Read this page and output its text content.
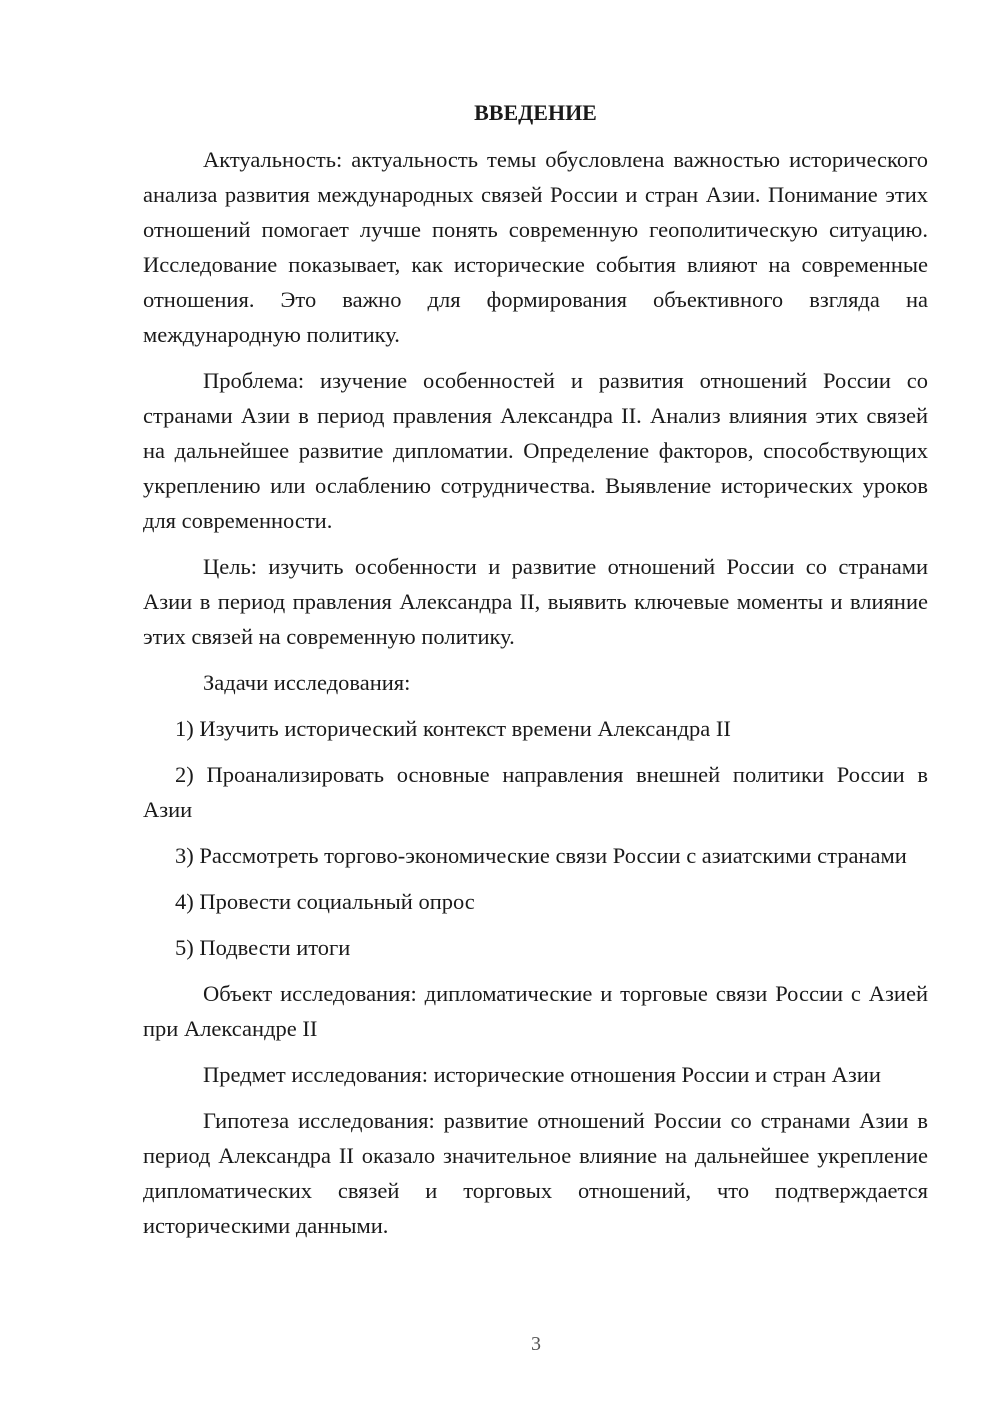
ВВЕДЕНИЕ

Актуальность: актуальность темы обусловлена важностью исторического анализа развития международных связей России и стран Азии. Понимание этих отношений помогает лучше понять современную геополитическую ситуацию. Исследование показывает, как исторические события влияют на современные отношения. Это важно для формирования объективного взгляда на международную политику.

Проблема: изучение особенностей и развития отношений России со странами Азии в период правления Александра II. Анализ влияния этих связей на дальнейшее развитие дипломатии. Определение факторов, способствующих укреплению или ослаблению сотрудничества. Выявление исторических уроков для современности.

Цель: изучить особенности и развитие отношений России со странами Азии в период правления Александра II, выявить ключевые моменты и влияние этих связей на современную политику.

Задачи исследования:

1) Изучить исторический контекст времени Александра II

2) Проанализировать основные направления внешней политики России в Азии

3) Рассмотреть торгово-экономические связи России с азиатскими странами

4) Провести социальный опрос

5) Подвести итоги

Объект исследования: дипломатические и торговые связи России с Азией при Александре II

Предмет исследования: исторические отношения России и стран Азии

Гипотеза исследования: развитие отношений России со странами Азии в период Александра II оказало значительное влияние на дальнейшее укрепление дипломатических связей и торговых отношений, что подтверждается историческими данными.

3
